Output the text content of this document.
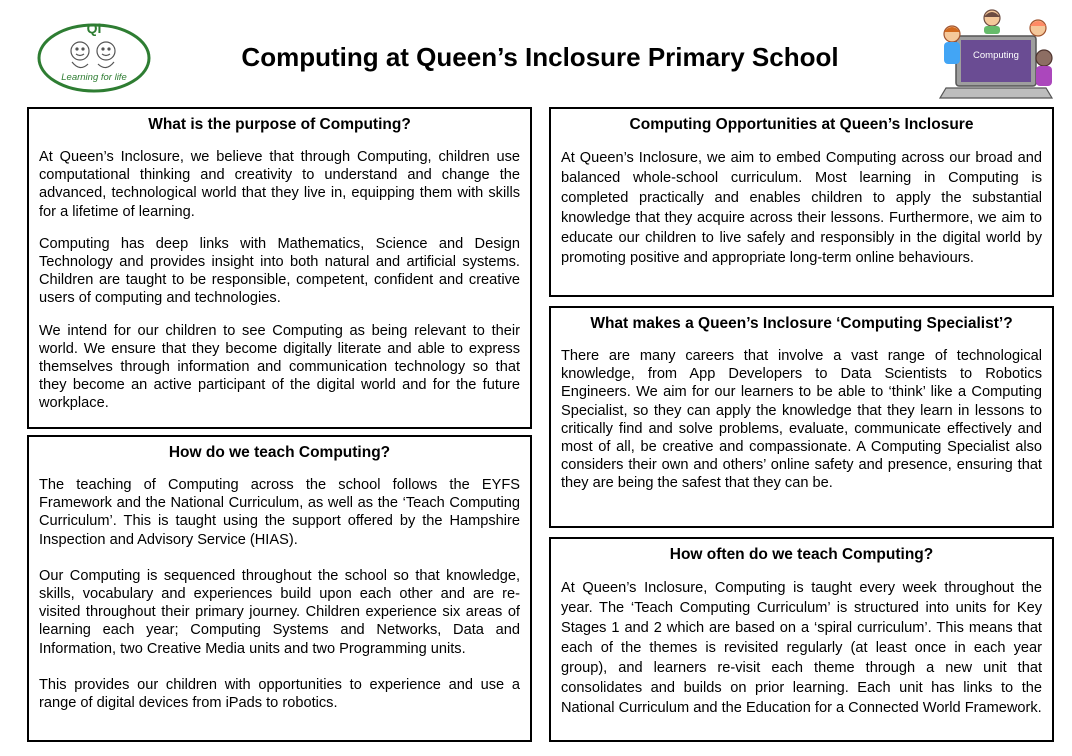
QI
Learning for life
Computing at Queen’s Inclosure Primary School	Computing
What is the purpose of Computing?

At Queen’s Inclosure, we believe that through Computing, children use computational thinking and creativity to understand and change the advanced, technological world that they live in, equipping them with skills for a lifetime of learning.

Computing has deep links with Mathematics, Science and Design Technology and provides insight into both natural and artificial systems. Children are taught to be responsible, competent, confident and creative users of computing and technologies.

We intend for our children to see Computing as being relevant to their world. We ensure that they become digitally literate and able to express themselves through information and communication technology so that they become an active participant of the digital world and for the future workplace.

How do we teach Computing?

The teaching of Computing across the school follows the EYFS Framework and the National Curriculum, as well as the ‘Teach Computing Curriculum’. This is taught using the support offered by the Hampshire Inspection and Advisory Service (HIAS).

Our Computing is sequenced throughout the school so that knowledge, skills, vocabulary and experiences build upon each other and are re-visited throughout their primary journey. Children experience six areas of learning each year; Computing Systems and Networks, Data and Information, two Creative Media units and two Programming units.

This provides our children with opportunities to experience and use a range of digital devices from iPads to robotics.

Computing Opportunities at Queen’s Inclosure

At Queen’s Inclosure, we aim to embed Computing across our broad and balanced whole-school curriculum. Most learning in Computing is completed practically and enables children to apply the substantial knowledge that they acquire across their lessons. Furthermore, we aim to educate our children to live safely and responsibly in the digital world by promoting positive and appropriate long-term online behaviours.

What makes a Queen’s Inclosure ‘Computing Specialist’?

There are many careers that involve a vast range of technological knowledge, from App Developers to Data Scientists to Robotics Engineers. We aim for our learners to be able to ‘think’ like a Computing Specialist, so they can apply the knowledge that they learn in lessons to critically find and solve problems, evaluate, communicate effectively and most of all, be creative and compassionate. A Computing Specialist also considers their own and others’ online safety and presence, ensuring that they are being the safest that they can be.

How often do we teach Computing?

At Queen’s Inclosure, Computing is taught every week throughout the year. The ‘Teach Computing Curriculum’ is structured into units for Key Stages 1 and 2 which are based on a ‘spiral curriculum’. This means that each of the themes is revisited regularly (at least once in each year group), and learners re-visit each theme through a new unit that consolidates and builds on prior learning. Each unit has links to the National Curriculum and the Education for a Connected World Framework.
